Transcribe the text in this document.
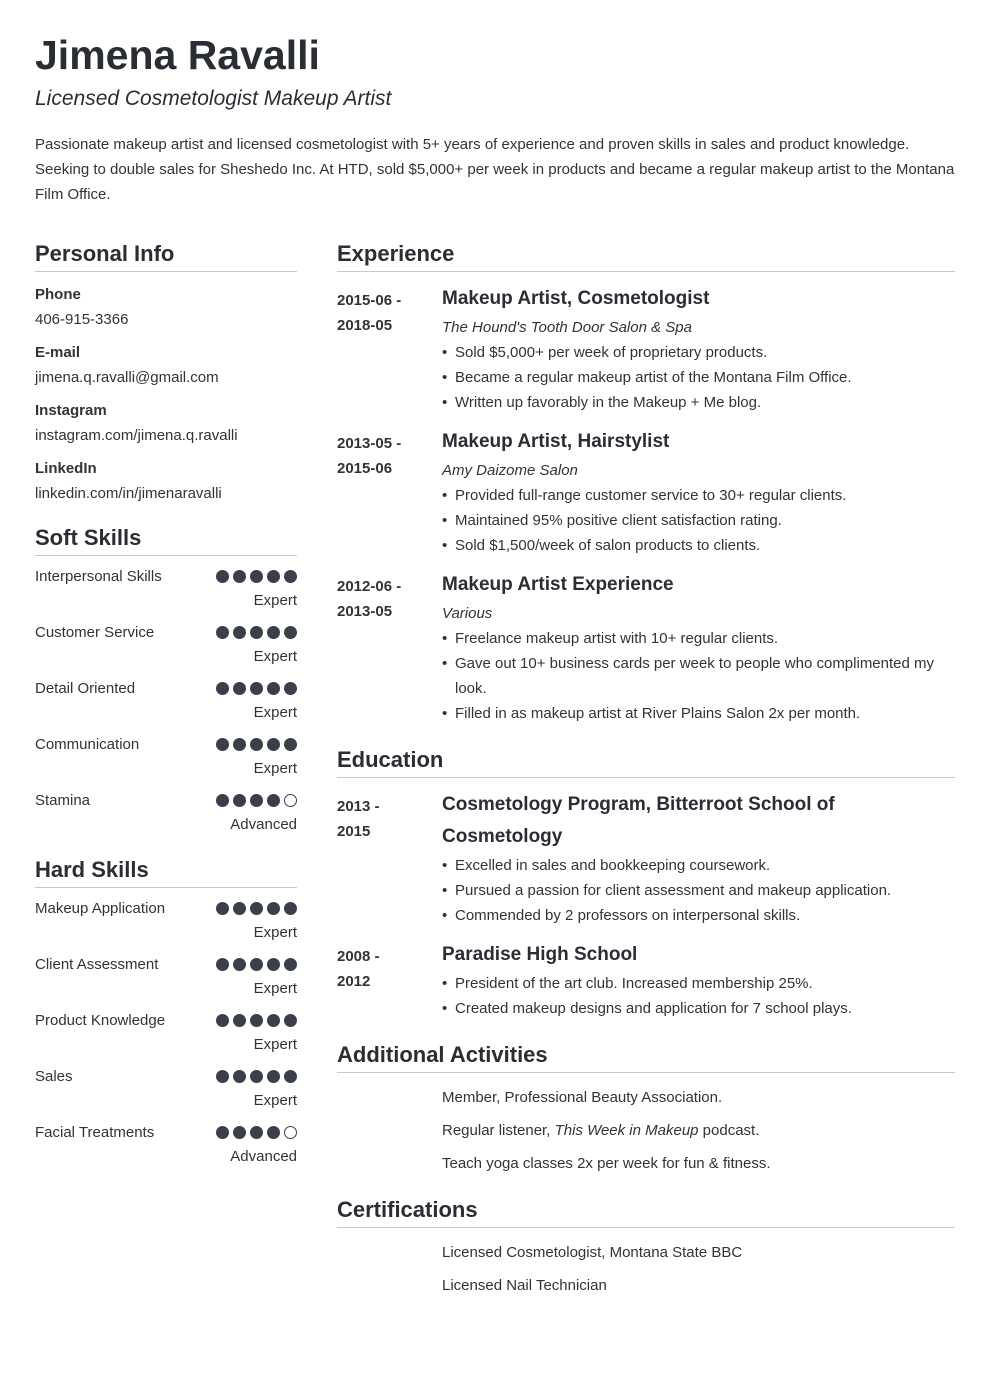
Jimena Ravalli
Licensed Cosmetologist Makeup Artist
Passionate makeup artist and licensed cosmetologist with 5+ years of experience and proven skills in sales and product knowledge. Seeking to double sales for Sheshedo Inc. At HTD, sold $5,000+ per week in products and became a regular makeup artist to the Montana Film Office.
Personal Info
Phone
406-915-3366
E-mail
jimena.q.ravalli@gmail.com
Instagram
instagram.com/jimena.q.ravalli
LinkedIn
linkedin.com/in/jimenaravalli
Soft Skills
Interpersonal Skills
Expert
Customer Service
Expert
Detail Oriented
Expert
Communication
Expert
Stamina
Advanced
Hard Skills
Makeup Application
Expert
Client Assessment
Expert
Product Knowledge
Expert
Sales
Expert
Facial Treatments
Advanced
Experience
2015-06 -
2018-05
Makeup Artist, Cosmetologist
The Hound's Tooth Door Salon & Spa
• Sold $5,000+ per week of proprietary products.
• Became a regular makeup artist of the Montana Film Office.
• Written up favorably in the Makeup + Me blog.
2013-05 -
2015-06
Makeup Artist, Hairstylist
Amy Daizome Salon
• Provided full-range customer service to 30+ regular clients.
• Maintained 95% positive client satisfaction rating.
• Sold $1,500/week of salon products to clients.
2012-06 -
2013-05
Makeup Artist Experience
Various
• Freelance makeup artist with 10+ regular clients.
• Gave out 10+ business cards per week to people who complimented my look.
• Filled in as makeup artist at River Plains Salon 2x per month.
Education
2013 -
2015
Cosmetology Program, Bitterroot School of Cosmetology
• Excelled in sales and bookkeeping coursework.
• Pursued a passion for client assessment and makeup application.
• Commended by 2 professors on interpersonal skills.
2008 -
2012
Paradise High School
• President of the art club. Increased membership 25%.
• Created makeup designs and application for 7 school plays.
Additional Activities
Member, Professional Beauty Association.
Regular listener, This Week in Makeup podcast.
Teach yoga classes 2x per week for fun & fitness.
Certifications
Licensed Cosmetologist, Montana State BBC
Licensed Nail Technician
